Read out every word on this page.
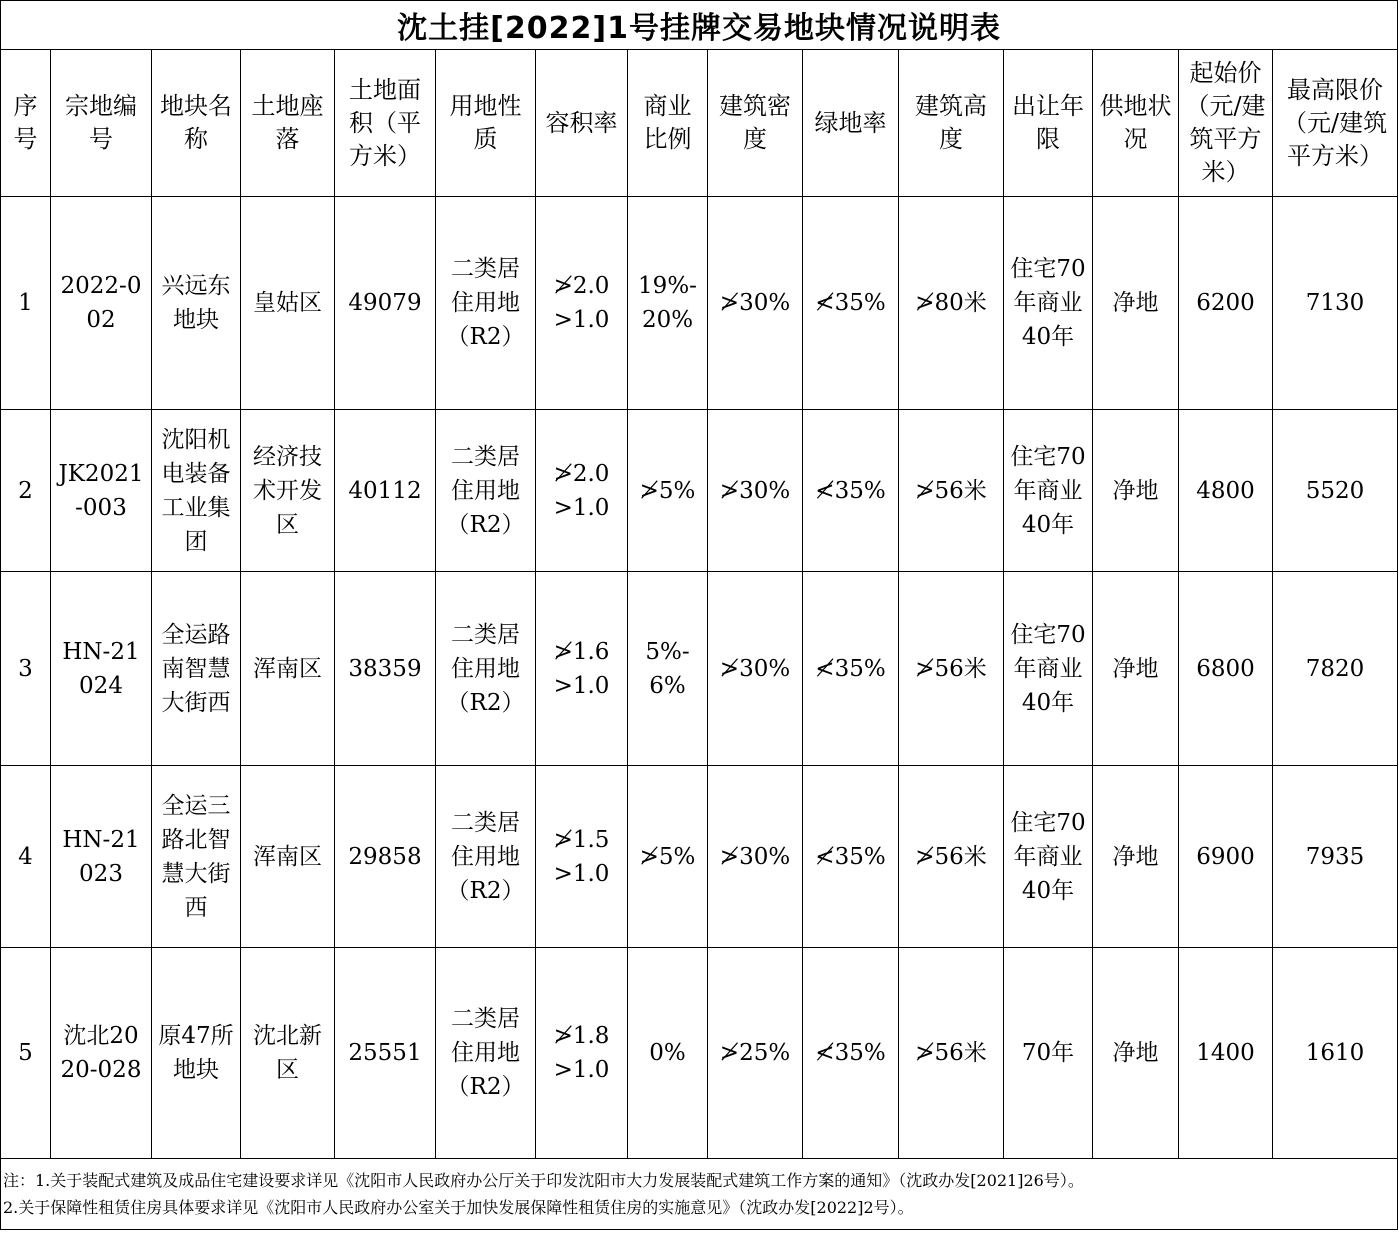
沈土挂[2022]1号挂牌交易地块情况说明表														

序号	宗地编号	地块名称	土地座落	土地面积（平方米）	用地性质	容积率	商业比例	建筑密度	绿地率	建筑高度	出让年限	供地状况	起始价（元/建筑平方米）	最高限价（元/建筑平方米）

1	2022-002	兴远东地块	皇姑区	49079	二类居住用地（R2）	≯2.0 >1.0	19%-20%	≯30%	≮35%	≯80米	住宅70年商业40年	净地	6200	7130

2	JK2021-003	沈阳机电装备工业集团	经济技术开发区	40112	二类居住用地（R2）	≯2.0 >1.0	≯5%	≯30%	≮35%	≯56米	住宅70年商业40年	净地	4800	5520

3	HN-21024	全运路南智慧大街西	浑南区	38359	二类居住用地（R2）	≯1.6 >1.0	5%-6%	≯30%	≮35%	≯56米	住宅70年商业40年	净地	6800	7820

4	HN-21023	全运三路北智慧大街西	浑南区	29858	二类居住用地（R2）	≯1.5 >1.0	≯5%	≯30%	≮35%	≯56米	住宅70年商业40年	净地	6900	7935

5	沈北2020-028	原47所地块	沈北新区	25551	二类居住用地（R2）	≯1.8 >1.0	0%	≯25%	≮35%	≯56米	70年	净地	1400	1610

注：1.关于装配式建筑及成品住宅建设要求详见《沈阳市人民政府办公厅关于印发沈阳市大力发展装配式建筑工作方案的通知》（沈政办发[2021]26号）。
2.关于保障性租赁住房具体要求详见《沈阳市人民政府办公室关于加快发展保障性租赁住房的实施意见》（沈政办发[2022]2号）。														
